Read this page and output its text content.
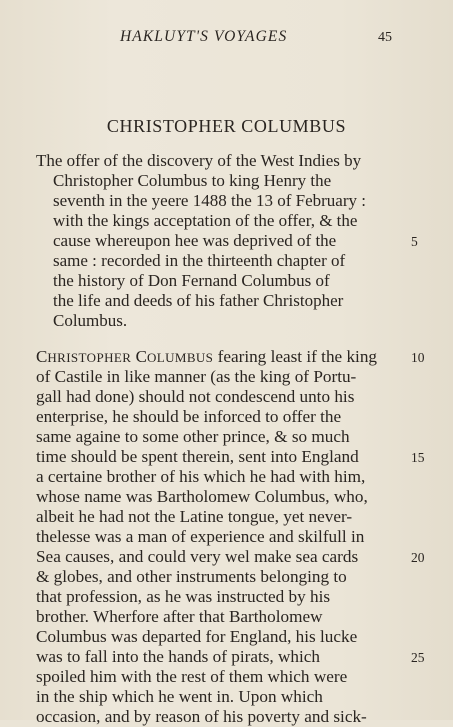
HAKLUYT'S VOYAGES	45
CHRISTOPHER COLUMBUS
The offer of the discovery of the West Indies by
Christopher Columbus to king Henry the
seventh in the yeere 1488 the 13 of February :
with the kings acceptation of the offer, & the
cause whereupon hee was deprived of the
same : recorded in the thirteenth chapter of
the history of Don Fernand Columbus of
the life and deeds of his father Christopher
Columbus.
CHRISTOPHER COLUMBUS fearing least if the king
of Castile in like manner (as the king of Portu-
gall had done) should not condescend unto his
enterprise, he should be inforced to offer the
same againe to some other prince, & so much
time should be spent therein, sent into England
a certaine brother of his which he had with him,
whose name was Bartholomew Columbus, who,
albeit he had not the Latine tongue, yet never-
thelesse was a man of experience and skilfull in
Sea causes, and could very wel make sea cards
& globes, and other instruments belonging to
that profession, as he was instructed by his
brother. Wherfore after that Bartholomew
Columbus was departed for England, his lucke
was to fall into the hands of pirats, which
spoiled him with the rest of them which were
in the ship which he went in. Upon which
occasion, and by reason of his poverty and sick-
5
10
15
20
25
